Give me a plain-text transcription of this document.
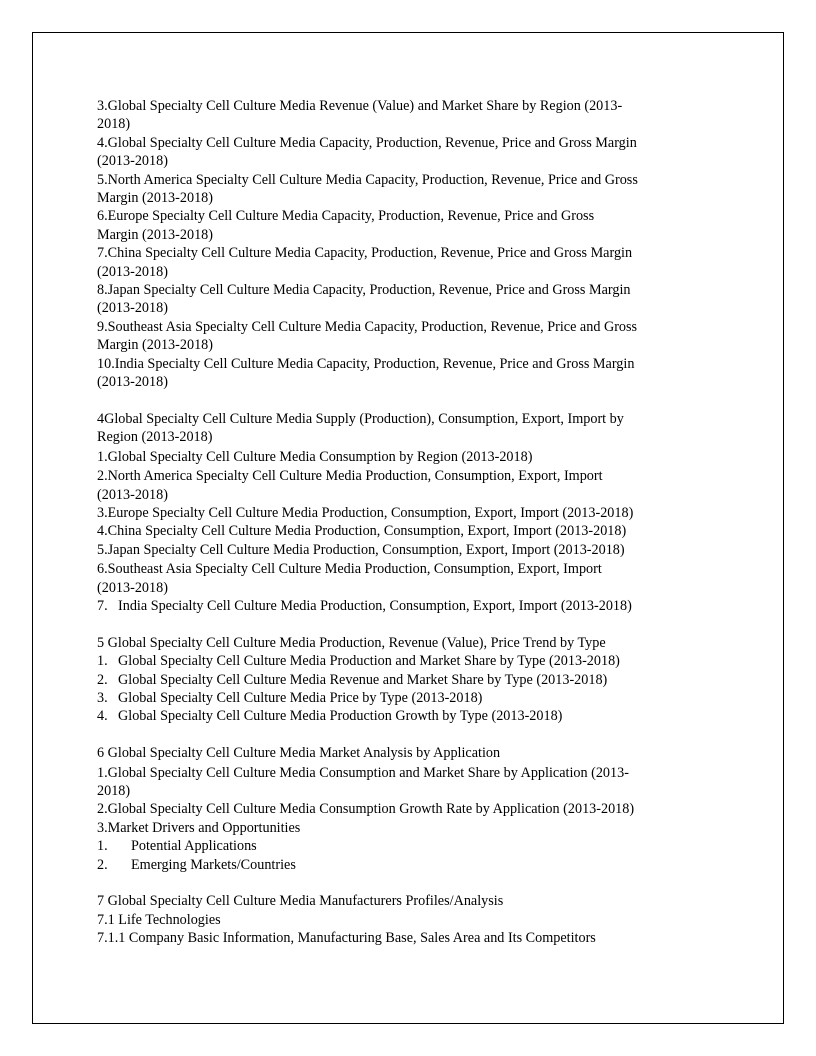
3.Global Specialty Cell Culture Media Revenue (Value) and Market Share by Region (2013-
2018)
4.Global Specialty Cell Culture Media Capacity, Production, Revenue, Price and Gross Margin
(2013-2018)
5.North America Specialty Cell Culture Media Capacity, Production, Revenue, Price and Gross
Margin (2013-2018)
6.Europe Specialty Cell Culture Media Capacity, Production, Revenue, Price and Gross
Margin (2013-2018)
7.China Specialty Cell Culture Media Capacity, Production, Revenue, Price and Gross Margin
(2013-2018)
8.Japan Specialty Cell Culture Media Capacity, Production, Revenue, Price and Gross Margin
(2013-2018)
9.Southeast Asia Specialty Cell Culture Media Capacity, Production, Revenue, Price and Gross
Margin (2013-2018)
10.India Specialty Cell Culture Media Capacity, Production, Revenue, Price and Gross Margin
(2013-2018)
4Global Specialty Cell Culture Media Supply (Production), Consumption, Export, Import by
Region (2013-2018)
1.Global Specialty Cell Culture Media Consumption by Region (2013-2018)
2.North America Specialty Cell Culture Media Production, Consumption, Export, Import
(2013-2018)
3.Europe Specialty Cell Culture Media Production, Consumption, Export, Import (2013-2018)
4.China Specialty Cell Culture Media Production, Consumption, Export, Import (2013-2018)
5.Japan Specialty Cell Culture Media Production, Consumption, Export, Import (2013-2018)
6.Southeast Asia Specialty Cell Culture Media Production, Consumption, Export, Import
(2013-2018)
7. India Specialty Cell Culture Media Production, Consumption, Export, Import (2013-2018)
5 Global Specialty Cell Culture Media Production, Revenue (Value), Price Trend by Type
1. Global Specialty Cell Culture Media Production and Market Share by Type (2013-2018)
2. Global Specialty Cell Culture Media Revenue and Market Share by Type (2013-2018)
3. Global Specialty Cell Culture Media Price by Type (2013-2018)
4. Global Specialty Cell Culture Media Production Growth by Type (2013-2018)
6 Global Specialty Cell Culture Media Market Analysis by Application
1.Global Specialty Cell Culture Media Consumption and Market Share by Application (2013-
2018)
2.Global Specialty Cell Culture Media Consumption Growth Rate by Application (2013-2018)
3.Market Drivers and Opportunities
1.	Potential Applications
2.	Emerging Markets/Countries
7 Global Specialty Cell Culture Media Manufacturers Profiles/Analysis
7.1 Life Technologies
7.1.1 Company Basic Information, Manufacturing Base, Sales Area and Its Competitors
